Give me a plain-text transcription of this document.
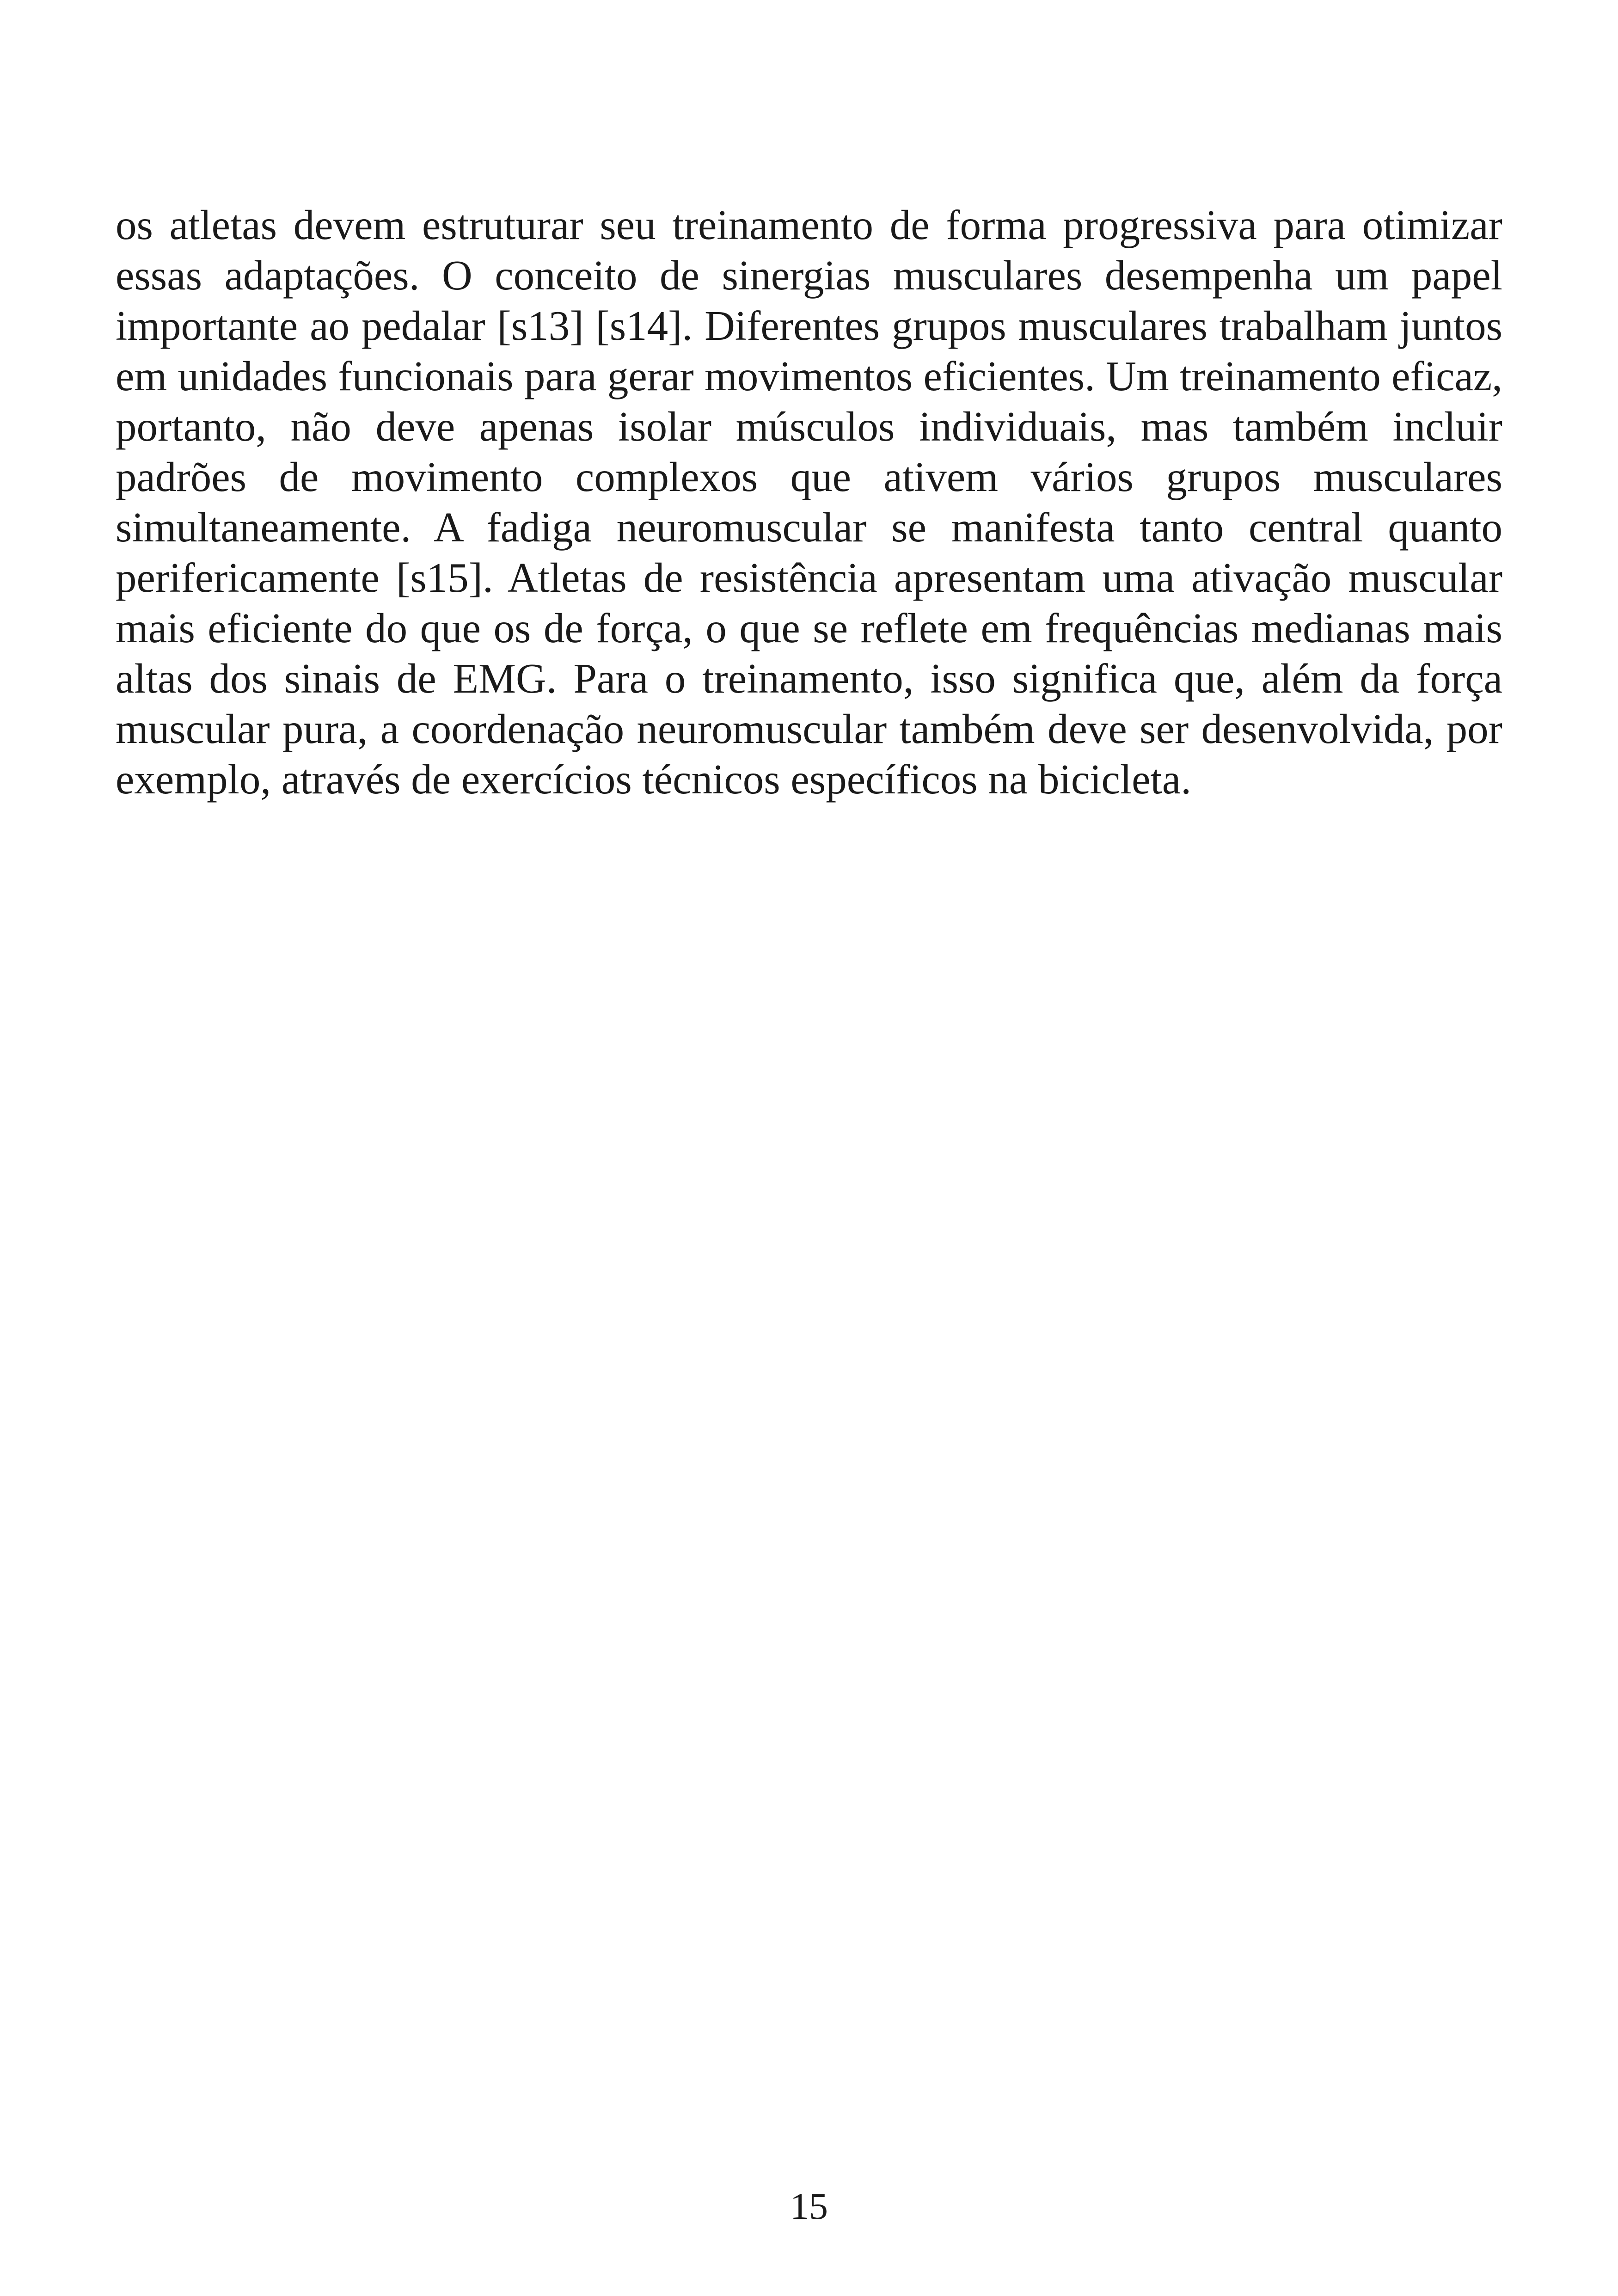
os atletas devem estruturar seu treinamento de forma progressiva para otimizar essas adaptações. O conceito de sinergias musculares desempenha um papel importante ao pedalar [s13] [s14]. Diferentes grupos musculares trabalham juntos em unidades funcionais para gerar movimentos eficientes. Um treinamento eficaz, portanto, não deve apenas isolar músculos individuais, mas também incluir padrões de movimento complexos que ativem vários grupos musculares simultaneamente. A fadiga neuromuscular se manifesta tanto central quanto perifericamente [s15]. Atletas de resistência apresentam uma ativação muscular mais eficiente do que os de força, o que se reflete em frequências medianas mais altas dos sinais de EMG. Para o treinamento, isso significa que, além da força muscular pura, a coordenação neuromuscular também deve ser desenvolvida, por exemplo, através de exercícios técnicos específicos na bicicleta.

15
